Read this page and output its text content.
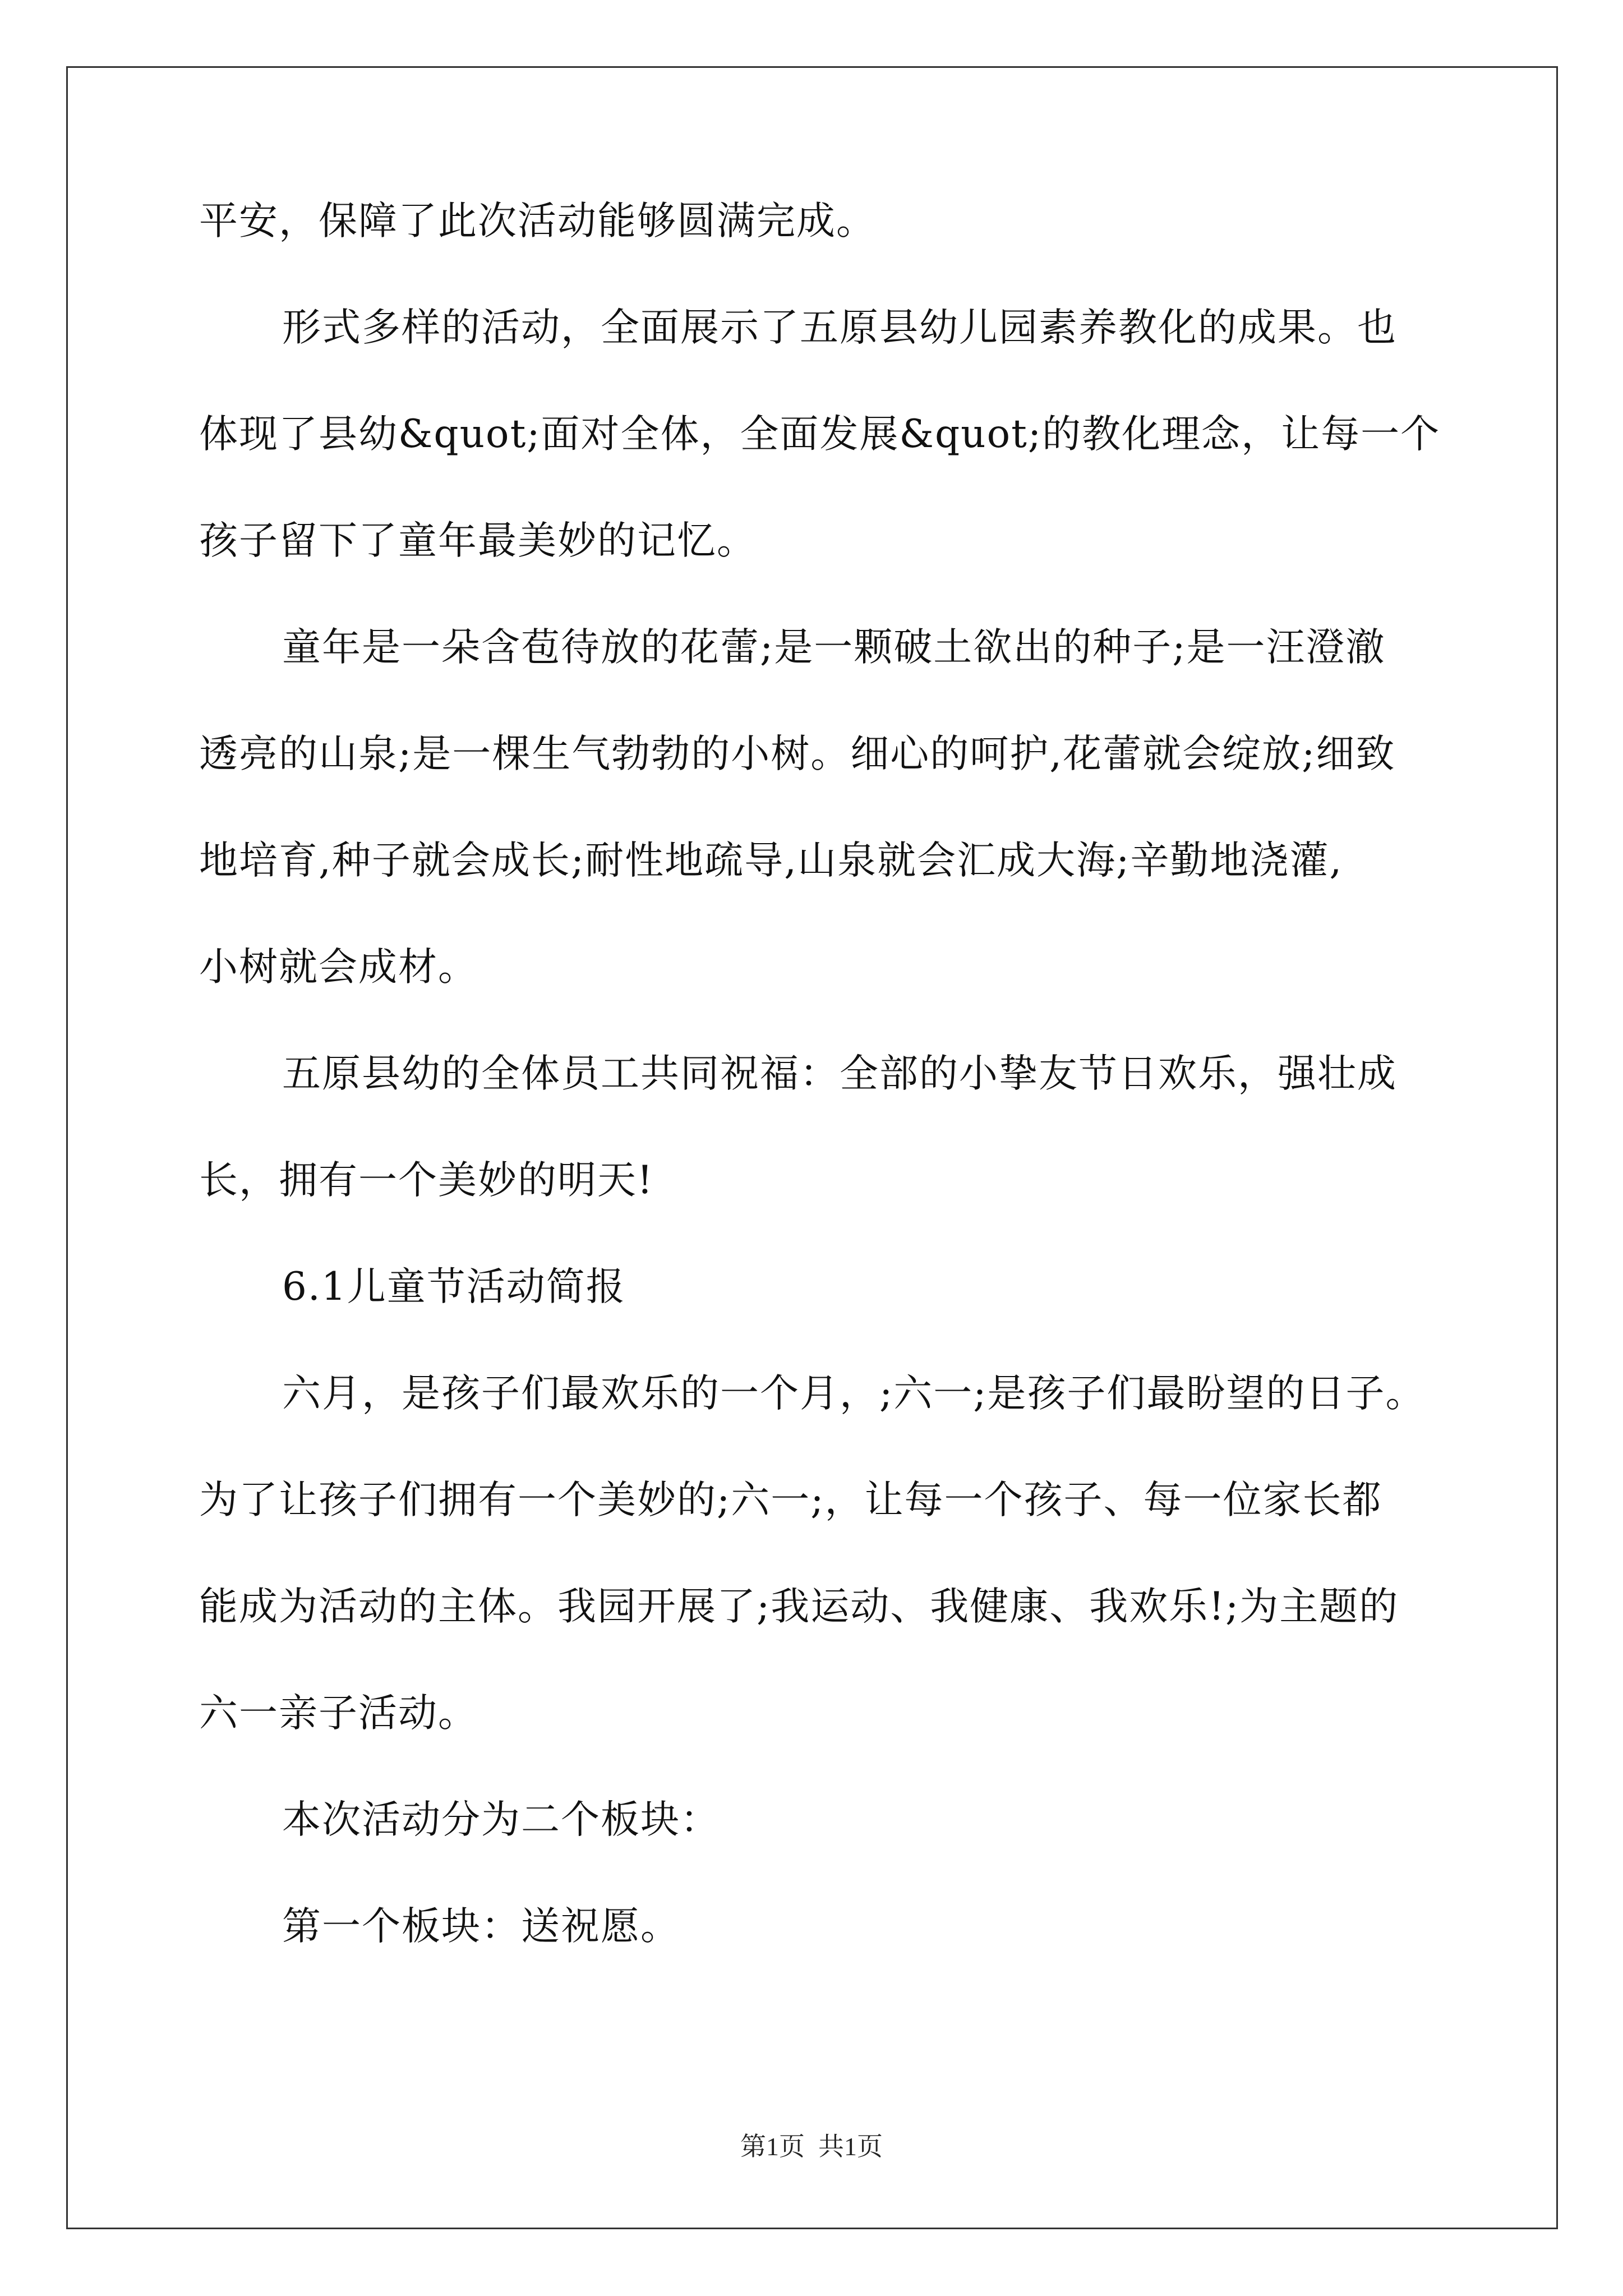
平安，保障了此次活动能够圆满完成。
形式多样的活动，全面展示了五原县幼儿园素养教化的成果。也
体现了县幼&quot;面对全体，全面发展&quot;的教化理念，让每一个
孩子留下了童年最美妙的记忆。
童年是一朵含苞待放的花蕾;是一颗破土欲出的种子;是一汪澄澈
透亮的山泉;是一棵生气勃勃的小树。细心的呵护,花蕾就会绽放;细致
地培育,种子就会成长;耐性地疏导,山泉就会汇成大海;辛勤地浇灌,
小树就会成材。
五原县幼的全体员工共同祝福：全部的小挚友节日欢乐，强壮成
长，拥有一个美妙的明天!
6.1儿童节活动简报
六月，是孩子们最欢乐的一个月，;六一;是孩子们最盼望的日子。
为了让孩子们拥有一个美妙的;六一;，让每一个孩子、每一位家长都
能成为活动的主体。我园开展了;我运动、我健康、我欢乐!;为主题的
六一亲子活动。
本次活动分为二个板块：
第一个板块：送祝愿。
第1页 共1页
